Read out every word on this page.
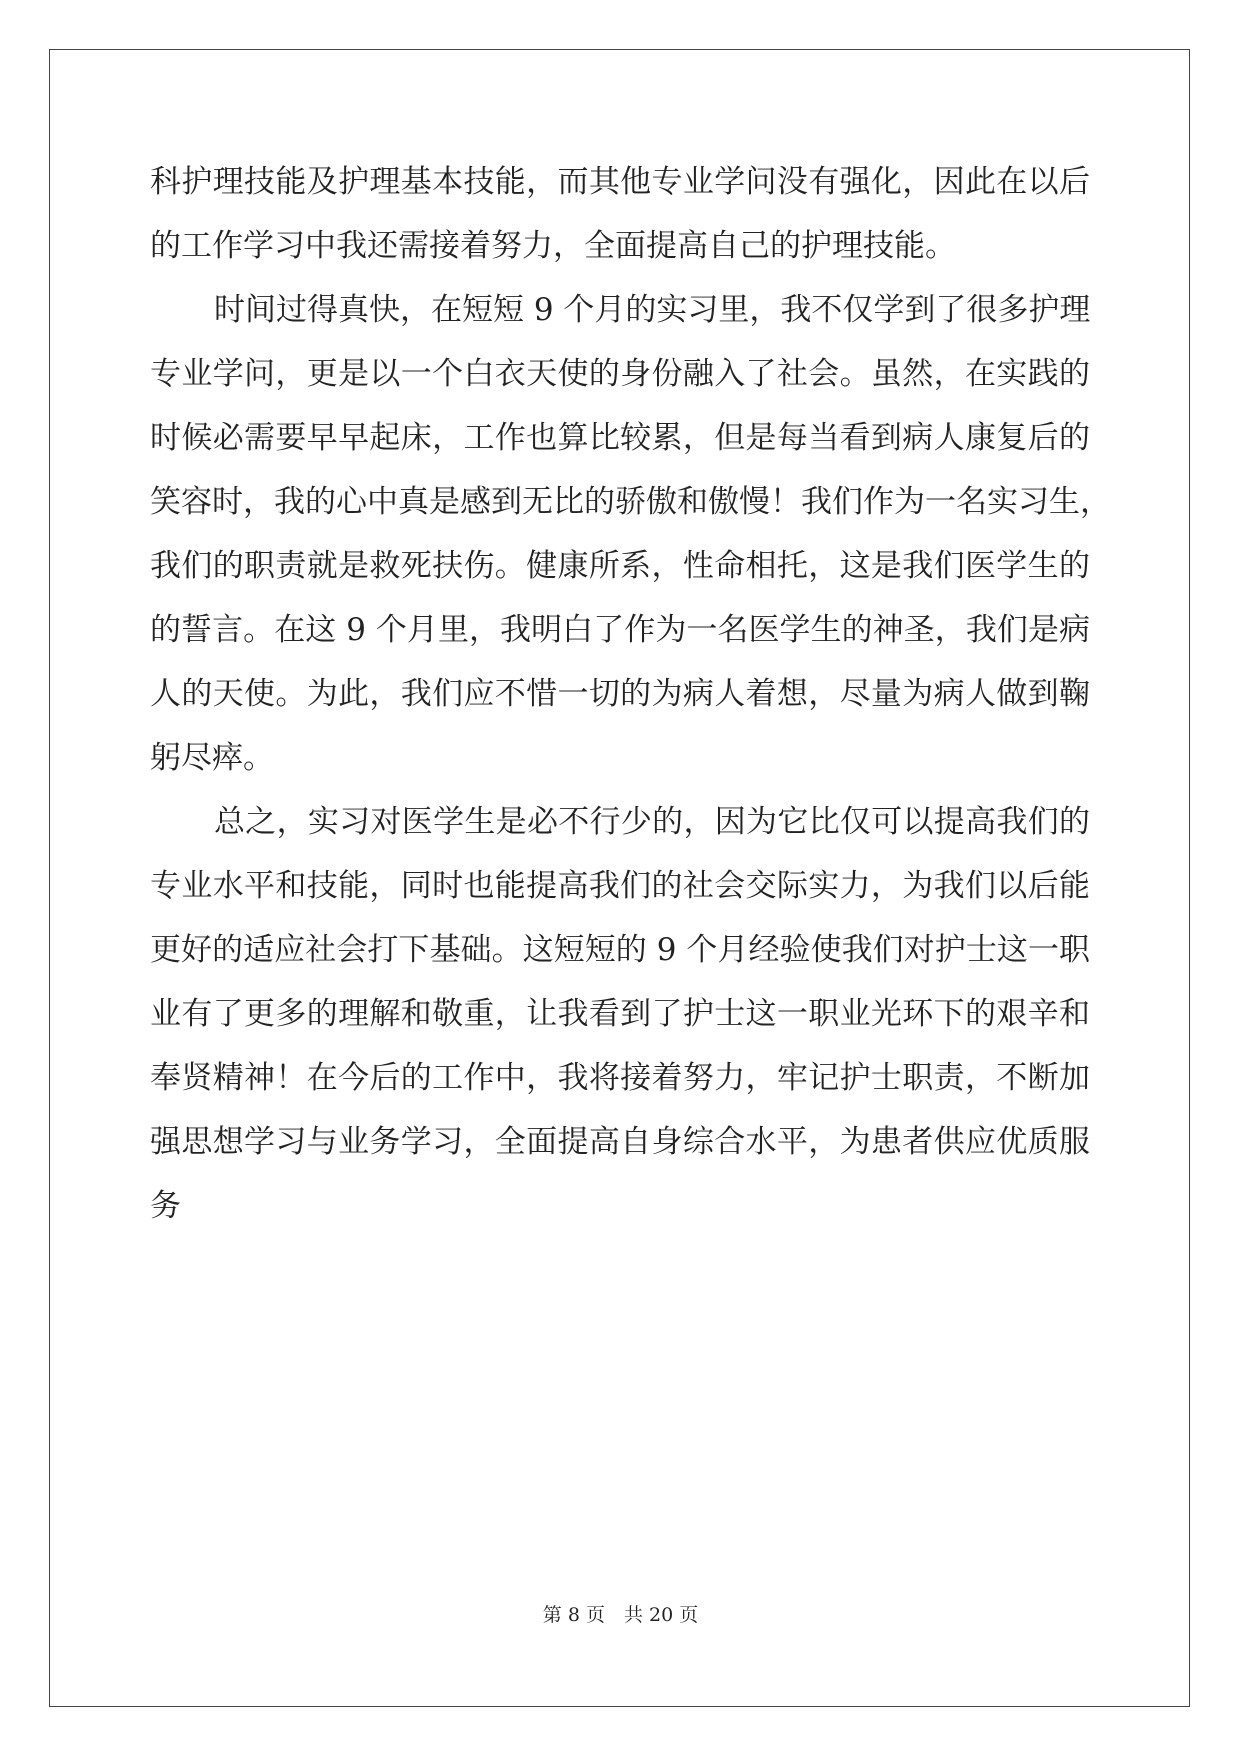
科护理技能及护理基本技能，而其他专业学问没有强化，因此在以后

的工作学习中我还需接着努力，全面提高自己的护理技能。

时间过得真快，在短短 9 个月的实习里，我不仅学到了很多护理

专业学问，更是以一个白衣天使的身份融入了社会。虽然，在实践的

时候必需要早早起床，工作也算比较累，但是每当看到病人康复后的

笑容时，我的心中真是感到无比的骄傲和傲慢！我们作为一名实习生，

我们的职责就是救死扶伤。健康所系，性命相托，这是我们医学生的

的誓言。在这 9 个月里，我明白了作为一名医学生的神圣，我们是病

人的天使。为此，我们应不惜一切的为病人着想，尽量为病人做到鞠

躬尽瘁。

总之，实习对医学生是必不行少的，因为它比仅可以提高我们的

专业水平和技能，同时也能提高我们的社会交际实力，为我们以后能

更好的适应社会打下基础。这短短的 9 个月经验使我们对护士这一职

业有了更多的理解和敬重，让我看到了护士这一职业光环下的艰辛和

奉贤精神！在今后的工作中，我将接着努力，牢记护士职责，不断加

强思想学习与业务学习，全面提高自身综合水平，为患者供应优质服

务

第 8 页　共 20 页
